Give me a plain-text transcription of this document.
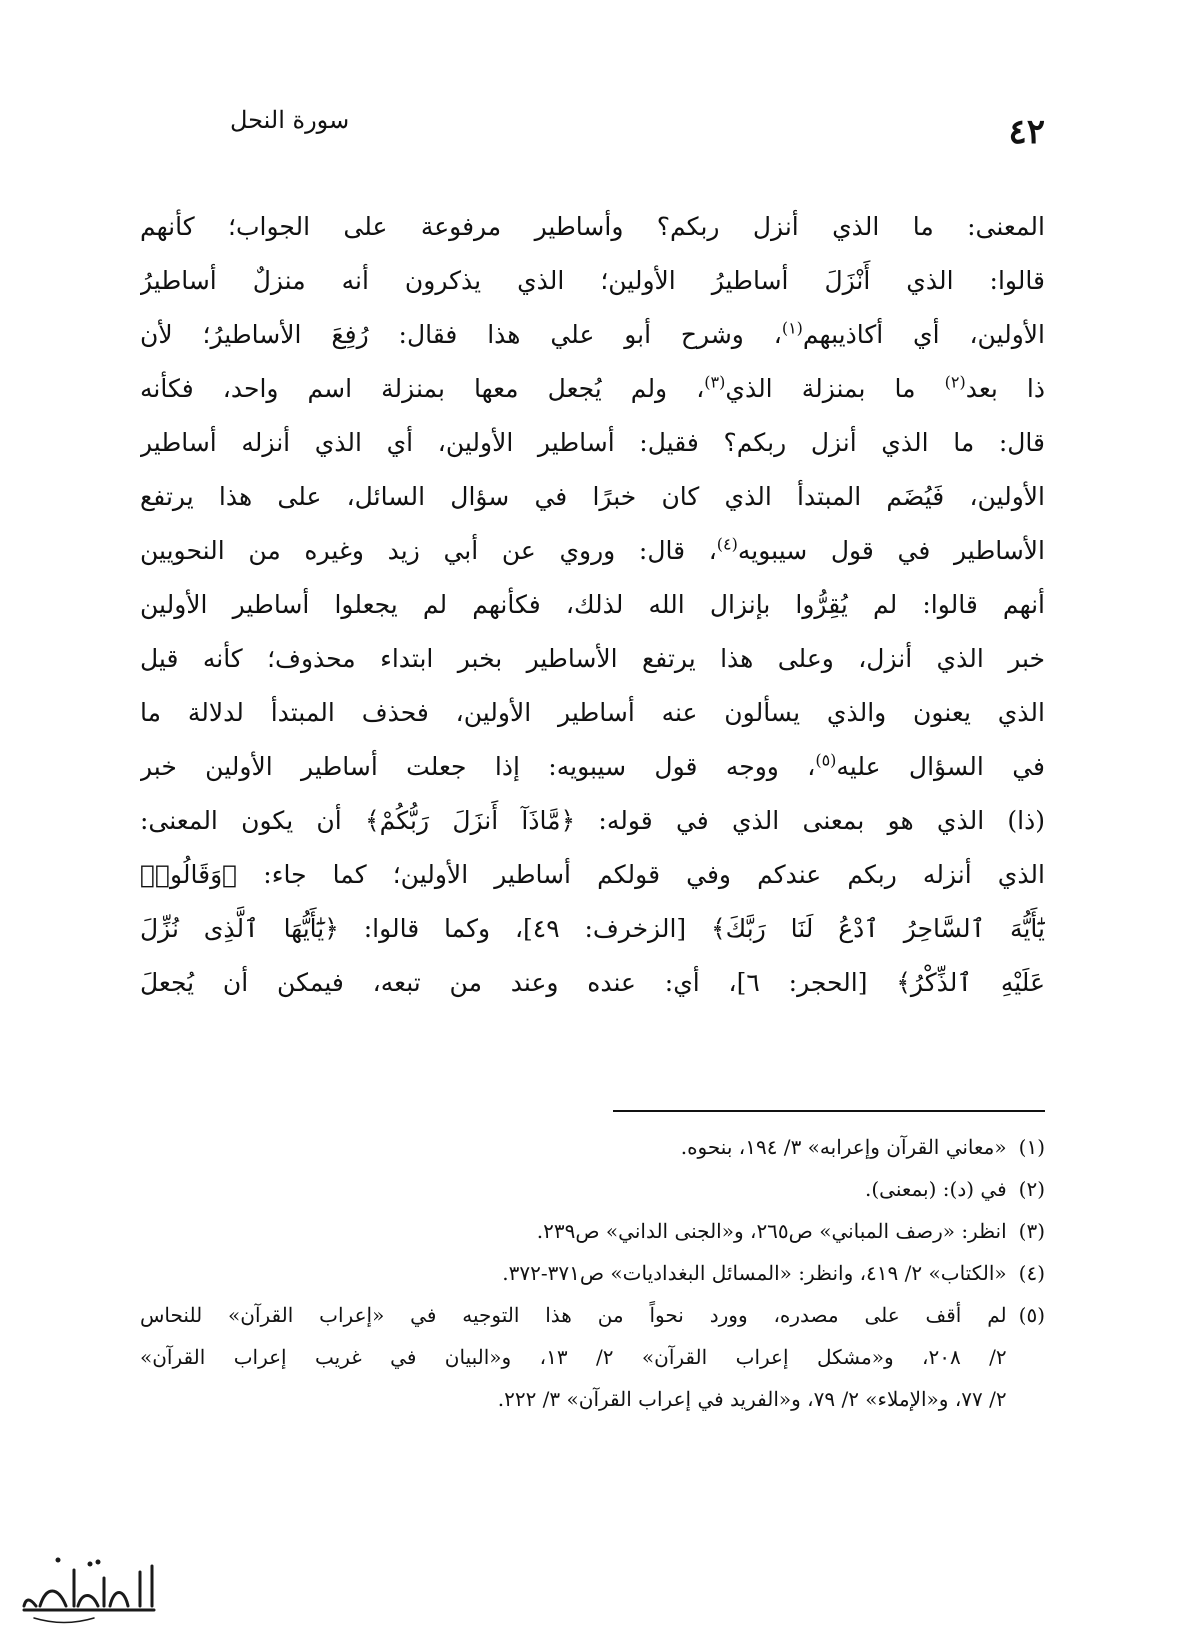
٤٢
سورة النحل

المعنى: ما الذي أنزل ربكم؟ وأساطير مرفوعة على الجواب؛ كأنهم

قالوا: الذي أَنْزَلَ أساطيرُ الأولين؛ الذي يذكرون أنه منزلٌ أساطيرُ

الأولين، أي أكاذيبهم$^{(١)}$، وشرح أبو علي هذا فقال: رُفِعَ الأساطيرُ؛ لأن

ذا بعد$^{(٢)}$ ما بمنزلة الذي$^{(٣)}$، ولم يُجعل معها بمنزلة اسم واحد، فكأنه

قال: ما الذي أنزل ربكم؟ فقيل: أساطير الأولين، أي الذي أنزله أساطير

الأولين، فَيُضَم المبتدأ الذي كان خبرًا في سؤال السائل، على هذا يرتفع

الأساطير في قول سيبويه$^{(٤)}$، قال: وروي عن أبي زيد وغيره من النحويين

أنهم قالوا: لم يُقِرُّوا بإنزال الله لذلك، فكأنهم لم يجعلوا أساطير الأولين

خبر الذي أنزل، وعلى هذا يرتفع الأساطير بخبر ابتداء محذوف؛ كأنه قيل

الذي يعنون والذي يسألون عنه أساطير الأولين، فحذف المبتدأ لدلالة ما

في السؤال عليه$^{(٥)}$، ووجه قول سيبويه: إذا جعلت أساطير الأولين خبر

(ذا) الذي هو بمعنى الذي في قوله: ﴿مَّاذَآ أَنزَلَ رَبُّكُمْ﴾ أن يكون المعنى:

الذي أنزله ربكم عندكم وفي قولكم أساطير الأولين؛ كما جاء: ﴿وَقَالُوا۟

يَٰٓأَيُّهَ ٱلسَّاحِرُ ٱدْعُ لَنَا رَبَّكَ﴾ [الزخرف: ٤٩]، وكما قالوا: ﴿يَٰٓأَيُّهَا ٱلَّذِى نُزِّلَ

عَلَيْهِ ٱلذِّكْرُ﴾ [الحجر: ٦]، أي: عنده وعند من تبعه، فيمكن أن يُجعلَ

(١)
«معاني القرآن وإعرابه» ٣/ ١٩٤، بنحوه.
(٢)
في (د): (بمعنى).
(٣)
انظر: «رصف المباني» ص٢٦٥، و«الجنى الداني» ص٢٣٩.
(٤)
«الكتاب» ٢/ ٤١٩، وانظر: «المسائل البغداديات» ص٣٧١-٣٧٢.
(٥)
لم أقف على مصدره، وورد نحواً من هذا التوجيه في «إعراب القرآن» للنحاس
٢/ ٢٠٨، و«مشكل إعراب القرآن» ٢/ ١٣، و«البيان في غريب إعراب القرآن»
٢/ ٧٧، و«الإملاء» ٢/ ٧٩، و«الفريد في إعراب القرآن» ٣/ ٢٢٢.
